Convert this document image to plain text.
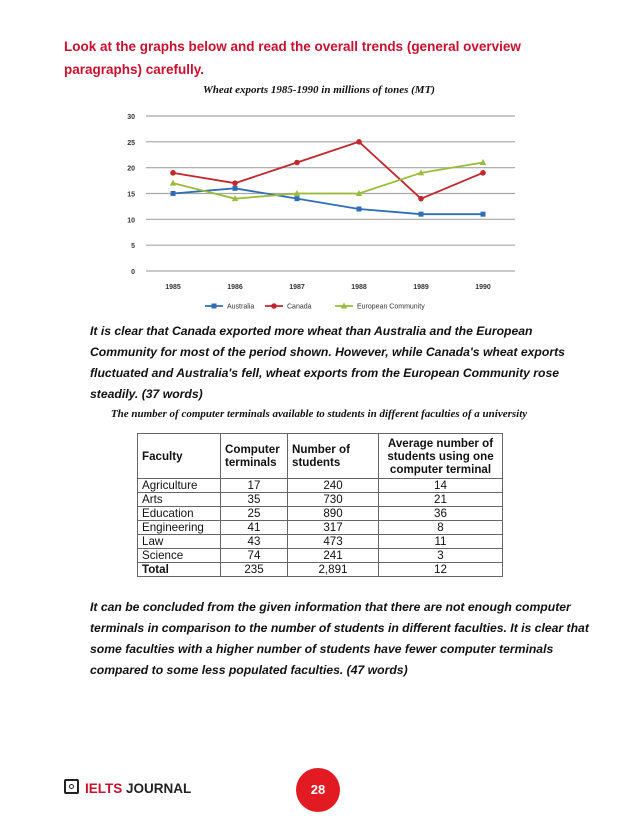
Look at the graphs below and read the overall trends (general overview paragraphs) carefully.
Wheat exports 1985-1990 in millions of tones (MT)
0
5
10
15
20
25
30
1985	1986	1987	1988	1989	1990
Australia	Canada	European Community
It is clear that Canada exported more wheat than Australia and the European Community for most of the period shown. However, while Canada's wheat exports fluctuated and Australia's fell, wheat exports from the European Community rose steadily. (37 words)
The number of computer terminals available to students in different faculties of a university
Faculty	Computer terminals	Number of students	Average number of students using one computer terminal
Agriculture	17	240	14
Arts	35	730	21
Education	25	890	36
Engineering	41	317	8
Law	43	473	11
Science	74	241	3
Total	235	2,891	12
It can be concluded from the given information that there are not enough computer terminals in comparison to the number of students in different faculties. It is clear that some faculties with a higher number of students have fewer computer terminals compared to some less populated faculties. (47 words)
IELTS JOURNAL	28
